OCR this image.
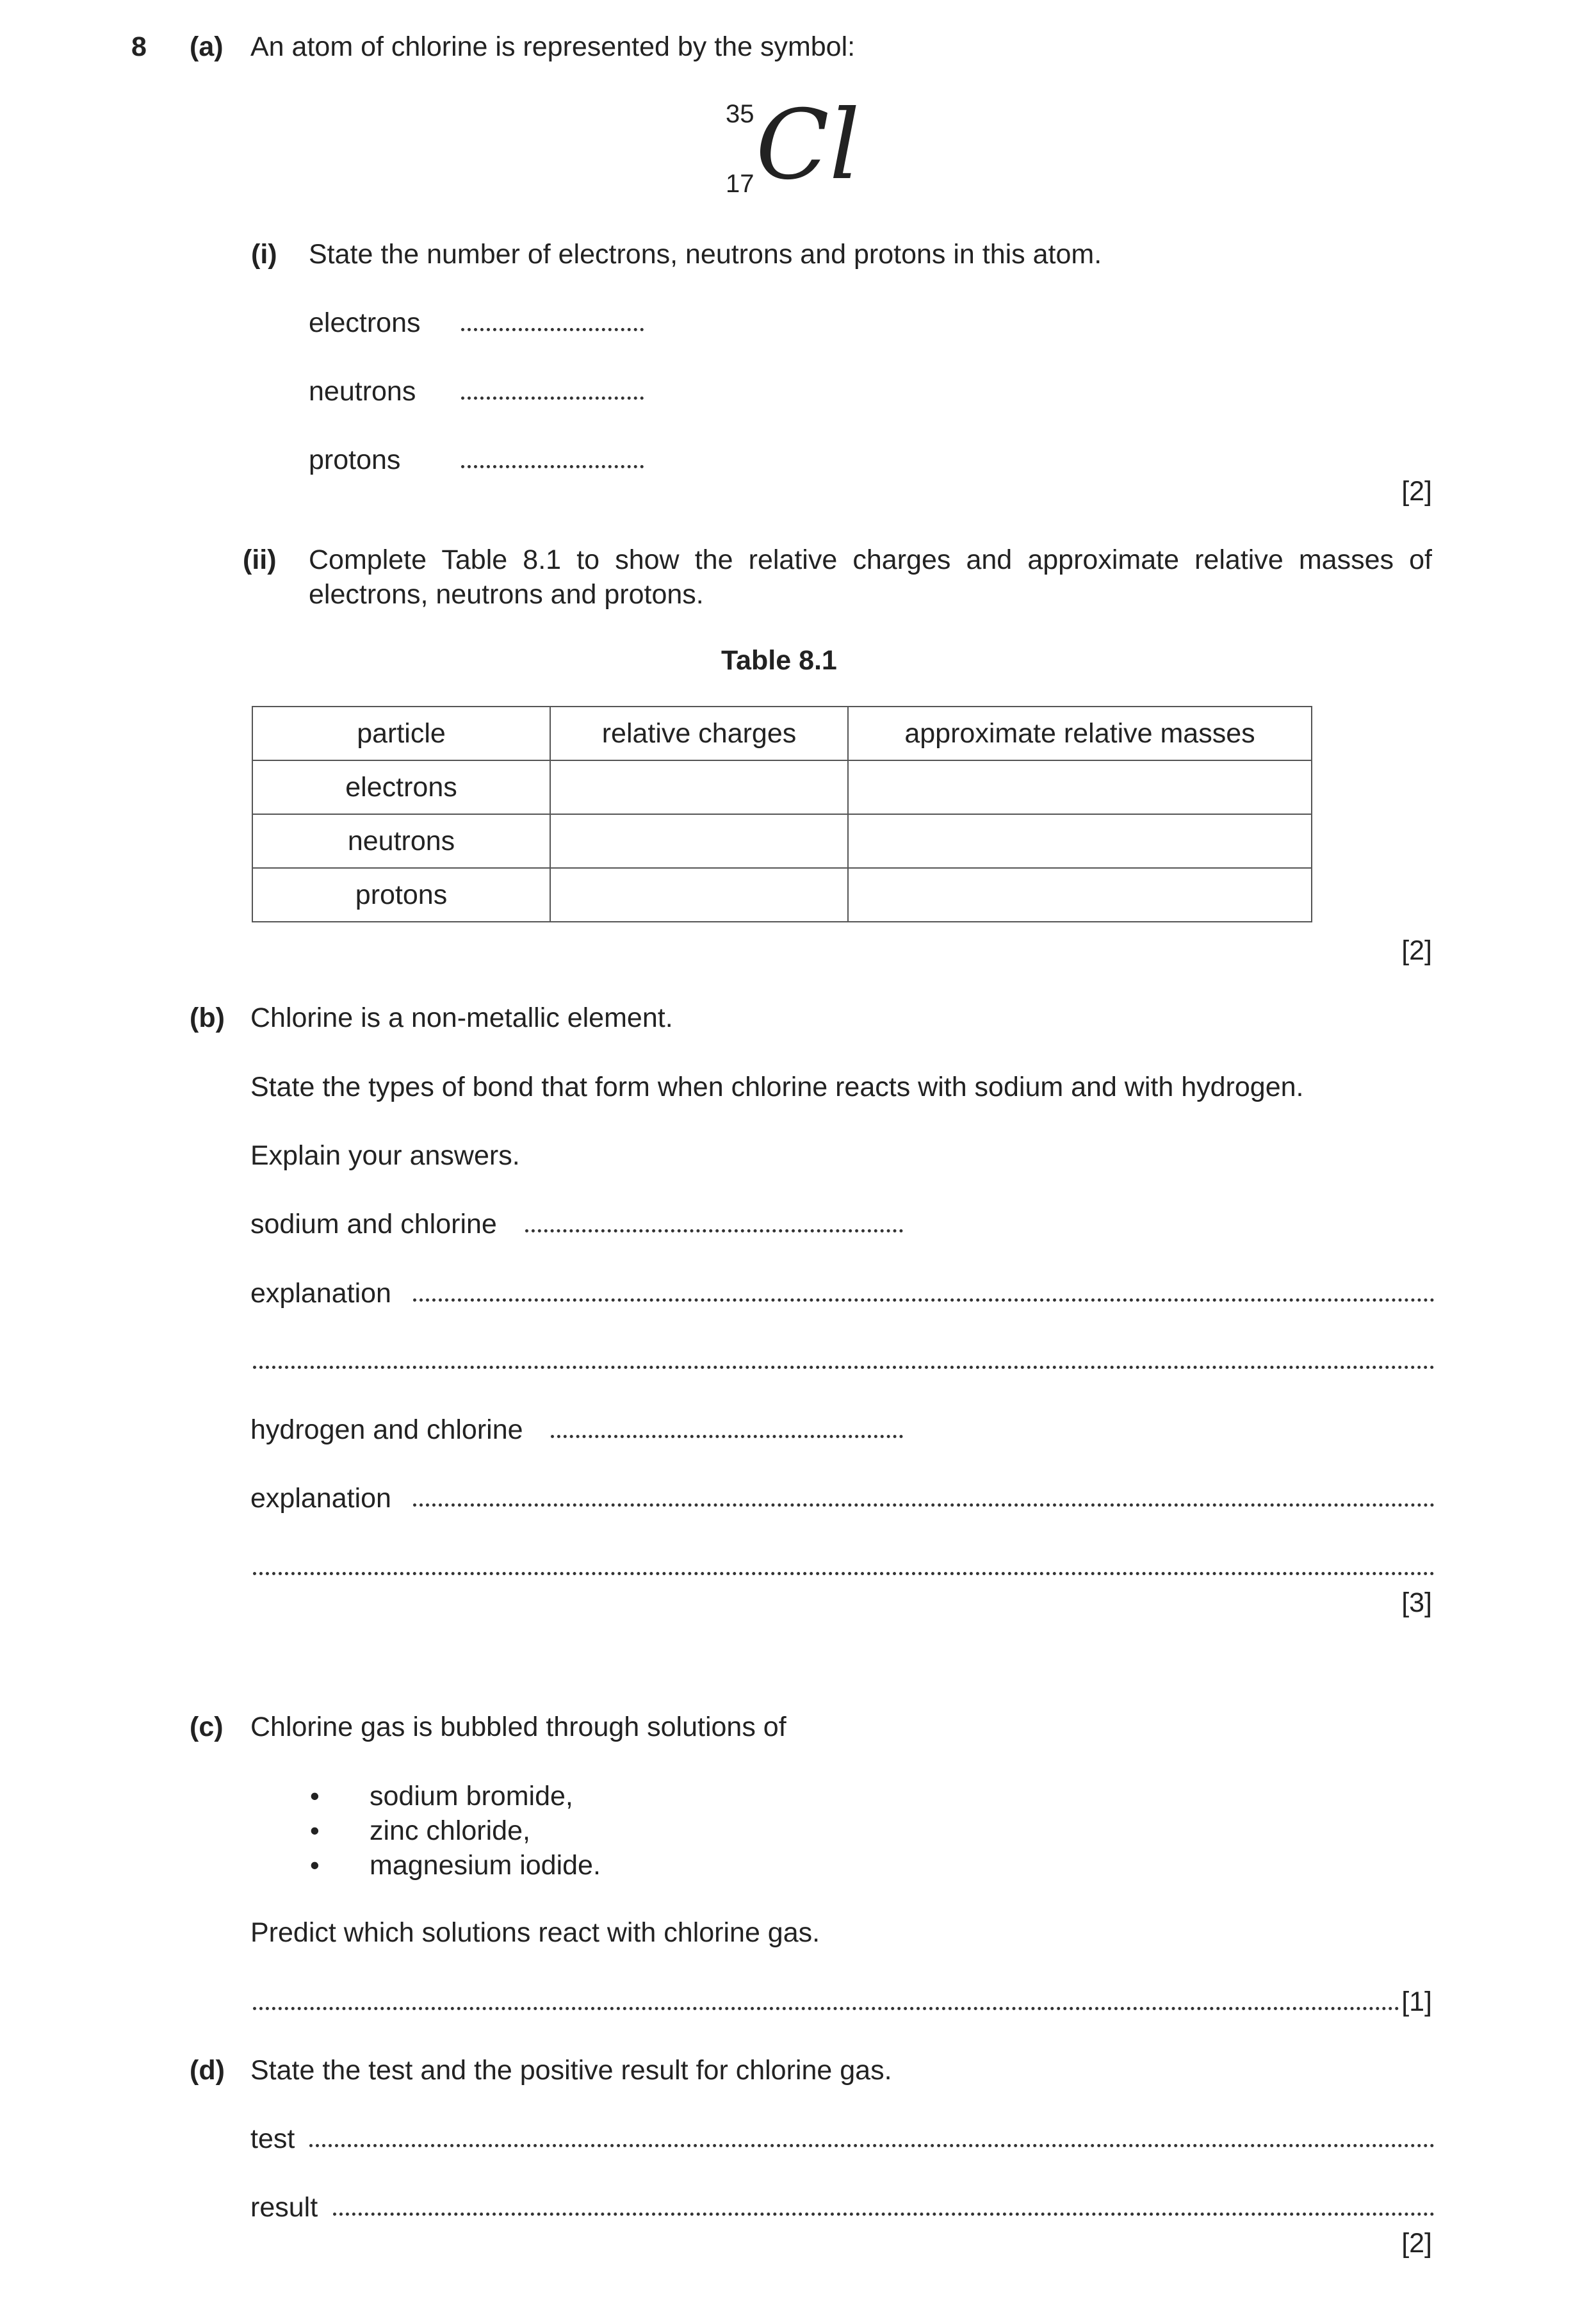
8 (a) An atom of chlorine is represented by the symbol:
35
17 Cl
(i) State the number of electrons, neutrons and protons in this atom.
electrons
neutrons
protons
[2]
(ii) Complete Table 8.1 to show the relative charges and approximate relative masses of
electrons, neutrons and protons.
Table 8.1
particle	relative charges	approximate relative masses
electrons		
neutrons		
protons		
[2]
(b) Chlorine is a non-metallic element.
State the types of bond that form when chlorine reacts with sodium and with hydrogen.
Explain your answers.
sodium and chlorine
explanation
hydrogen and chlorine
explanation
[3]
(c) Chlorine gas is bubbled through solutions of
• sodium bromide,
• zinc chloride,
• magnesium iodide.
Predict which solutions react with chlorine gas.
[1]
(d) State the test and the positive result for chlorine gas.
test
result
[2]
